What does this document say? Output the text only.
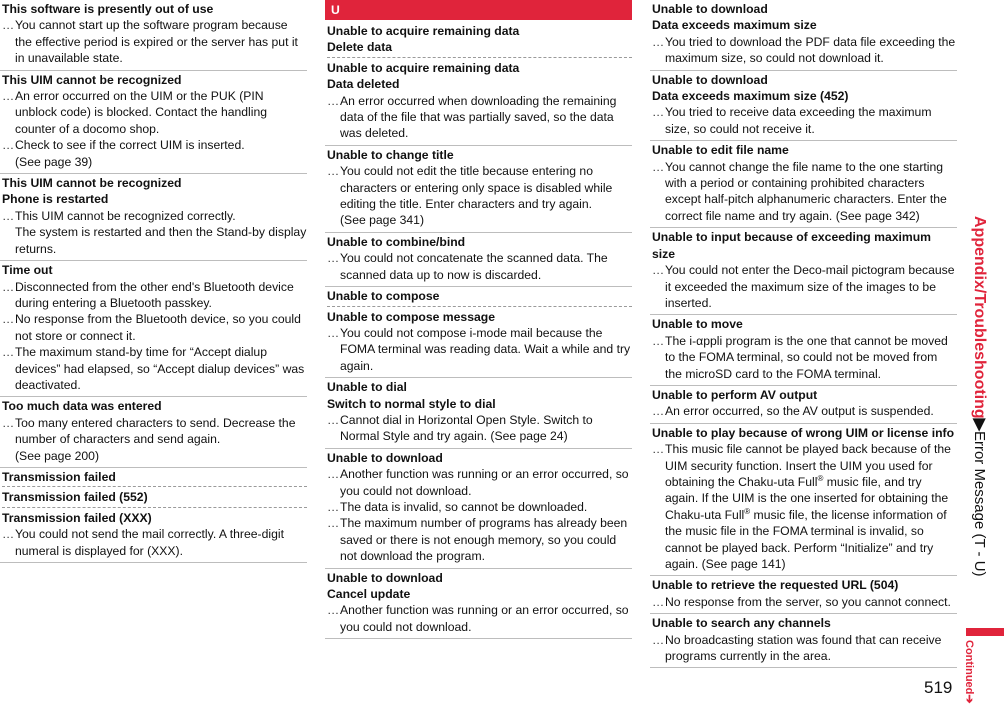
This software is presently out of use
… You cannot start up the software program because the effective period is expired or the server has put it in unavailable state.
This UIM cannot be recognized
… An error occurred on the UIM or the PUK (PIN unblock code) is blocked. Contact the handling counter of a docomo shop.
… Check to see if the correct UIM is inserted.
(See page 39)
This UIM cannot be recognized
Phone is restarted
… This UIM cannot be recognized correctly.
The system is restarted and then the Stand-by display returns.
Time out
… Disconnected from the other end's Bluetooth device during entering a Bluetooth passkey.
… No response from the Bluetooth device, so you could not store or connect it.
… The maximum stand-by time for “Accept dialup devices” had elapsed, so “Accept dialup devices” was deactivated.
Too much data was entered
… Too many entered characters to send. Decrease the number of characters and send again.
(See page 200)
Transmission failed
Transmission failed (552)
Transmission failed (XXX)
… You could not send the mail correctly. A three-digit numeral is displayed for (XXX).
U
Unable to acquire remaining data
Delete data
Unable to acquire remaining data
Data deleted
… An error occurred when downloading the remaining data of the file that was partially saved, so the data was deleted.
Unable to change title
… You could not edit the title because entering no characters or entering only space is disabled while editing the title. Enter characters and try again.
(See page 341)
Unable to combine/bind
… You could not concatenate the scanned data. The scanned data up to now is discarded.
Unable to compose
Unable to compose message
… You could not compose i-mode mail because the FOMA terminal was reading data. Wait a while and try again.
Unable to dial
Switch to normal style to dial
… Cannot dial in Horizontal Open Style. Switch to Normal Style and try again. (See page 24)
Unable to download
… Another function was running or an error occurred, so you could not download.
… The data is invalid, so cannot be downloaded.
… The maximum number of programs has already been saved or there is not enough memory, so you could not download the program.
Unable to download
Cancel update
… Another function was running or an error occurred, so you could not download.
Unable to download
Data exceeds maximum size
… You tried to download the PDF data file exceeding the maximum size, so could not download it.
Unable to download
Data exceeds maximum size (452)
… You tried to receive data exceeding the maximum size, so could not receive it.
Unable to edit file name
… You cannot change the file name to the one starting with a period or containing prohibited characters except half-pitch alphanumeric characters. Enter the correct file name and try again. (See page 342)
Unable to input because of exceeding maximum size
… You could not enter the Deco-mail pictogram because it exceeded the maximum size of the images to be inserted.
Unable to move
… The i-αppli program is the one that cannot be moved to the FOMA terminal, so could not be moved from the microSD card to the FOMA terminal.
Unable to perform AV output
… An error occurred, so the AV output is suspended.
Unable to play because of wrong UIM or license info
… This music file cannot be played back because of the UIM security function. Insert the UIM you used for obtaining the Chaku-uta Full® music file, and try again. If the UIM is the one inserted for obtaining the Chaku-uta Full® music file, the license information of the music file in the FOMA terminal is invalid, so cannot be played back. Perform “Initialize” and try again. (See page 141)
Unable to retrieve the requested URL (504)
… No response from the server, so you cannot connect.
Unable to search any channels
… No broadcasting station was found that can receive programs currently in the area.
Appendix/Troubleshooting▶Error Message (T - U)
Continued➔
519
